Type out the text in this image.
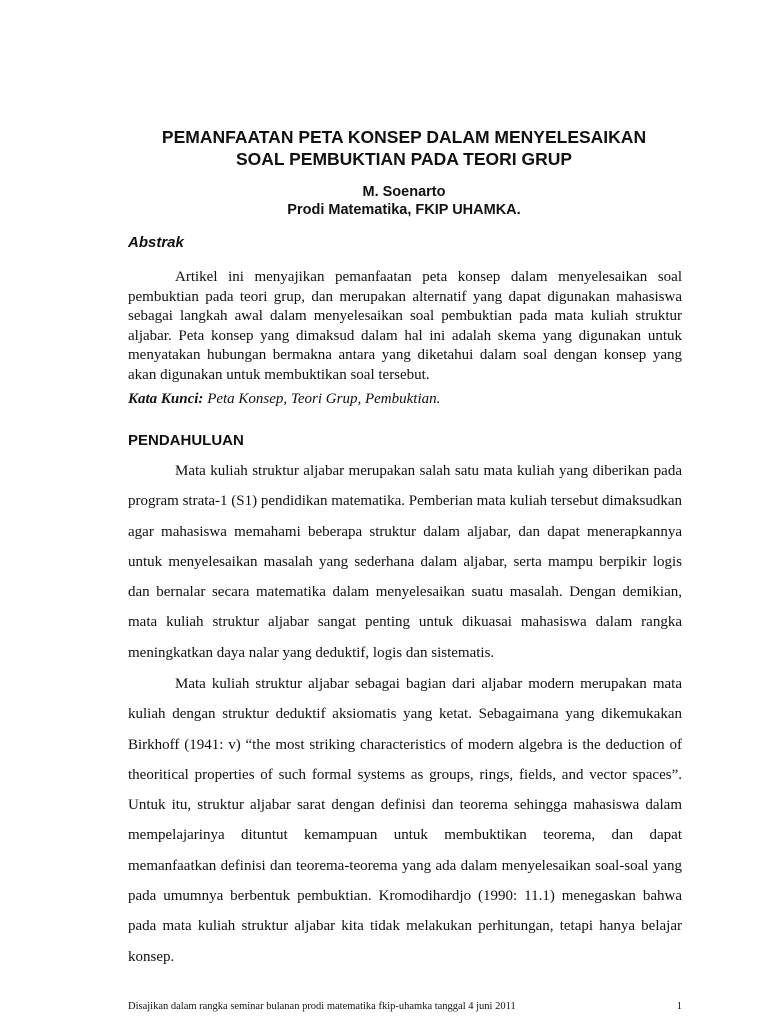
PEMANFAATAN PETA KONSEP DALAM MENYELESAIKAN
SOAL PEMBUKTIAN PADA TEORI GRUP
M. Soenarto
Prodi Matematika, FKIP UHAMKA.
Abstrak

Artikel ini menyajikan pemanfaatan peta konsep dalam menyelesaikan soal pembuktian pada teori grup, dan merupakan alternatif yang dapat digunakan mahasiswa sebagai langkah awal dalam menyelesaikan soal pembuktian pada mata kuliah struktur aljabar. Peta konsep yang dimaksud dalam hal ini adalah skema yang digunakan untuk menyatakan hubungan bermakna antara yang diketahui dalam soal dengan konsep yang akan digunakan untuk membuktikan soal tersebut.

Kata Kunci: Peta Konsep, Teori Grup, Pembuktian.

PENDAHULUAN

Mata kuliah struktur aljabar merupakan salah satu mata kuliah yang diberikan pada program strata-1 (S1) pendidikan matematika. Pemberian mata kuliah tersebut dimaksudkan agar mahasiswa memahami beberapa struktur dalam aljabar, dan dapat menerapkannya untuk menyelesaikan masalah yang sederhana dalam aljabar, serta mampu berpikir logis dan bernalar secara matematika dalam menyelesaikan suatu masalah. Dengan demikian, mata kuliah struktur aljabar sangat penting untuk dikuasai mahasiswa dalam rangka meningkatkan daya nalar yang deduktif, logis dan sistematis.

Mata kuliah struktur aljabar sebagai bagian dari aljabar modern merupakan mata kuliah dengan struktur deduktif aksiomatis yang ketat. Sebagaimana yang dikemukakan Birkhoff (1941: v) “the most striking characteristics of modern algebra is the deduction of theoritical properties of such formal systems as groups, rings, fields, and vector spaces”. Untuk itu, struktur aljabar sarat dengan definisi dan teorema sehingga mahasiswa dalam mempelajarinya dituntut kemampuan untuk membuktikan teorema, dan dapat memanfaatkan definisi dan teorema-teorema yang ada dalam menyelesaikan soal-soal yang pada umumnya berbentuk pembuktian. Kromodihardjo (1990: 11.1) menegaskan bahwa pada mata kuliah struktur aljabar kita tidak melakukan perhitungan, tetapi hanya belajar konsep.

Disajikan dalam rangka seminar bulanan prodi matematika fkip-uhamka tanggal 4 juni 2011	1
